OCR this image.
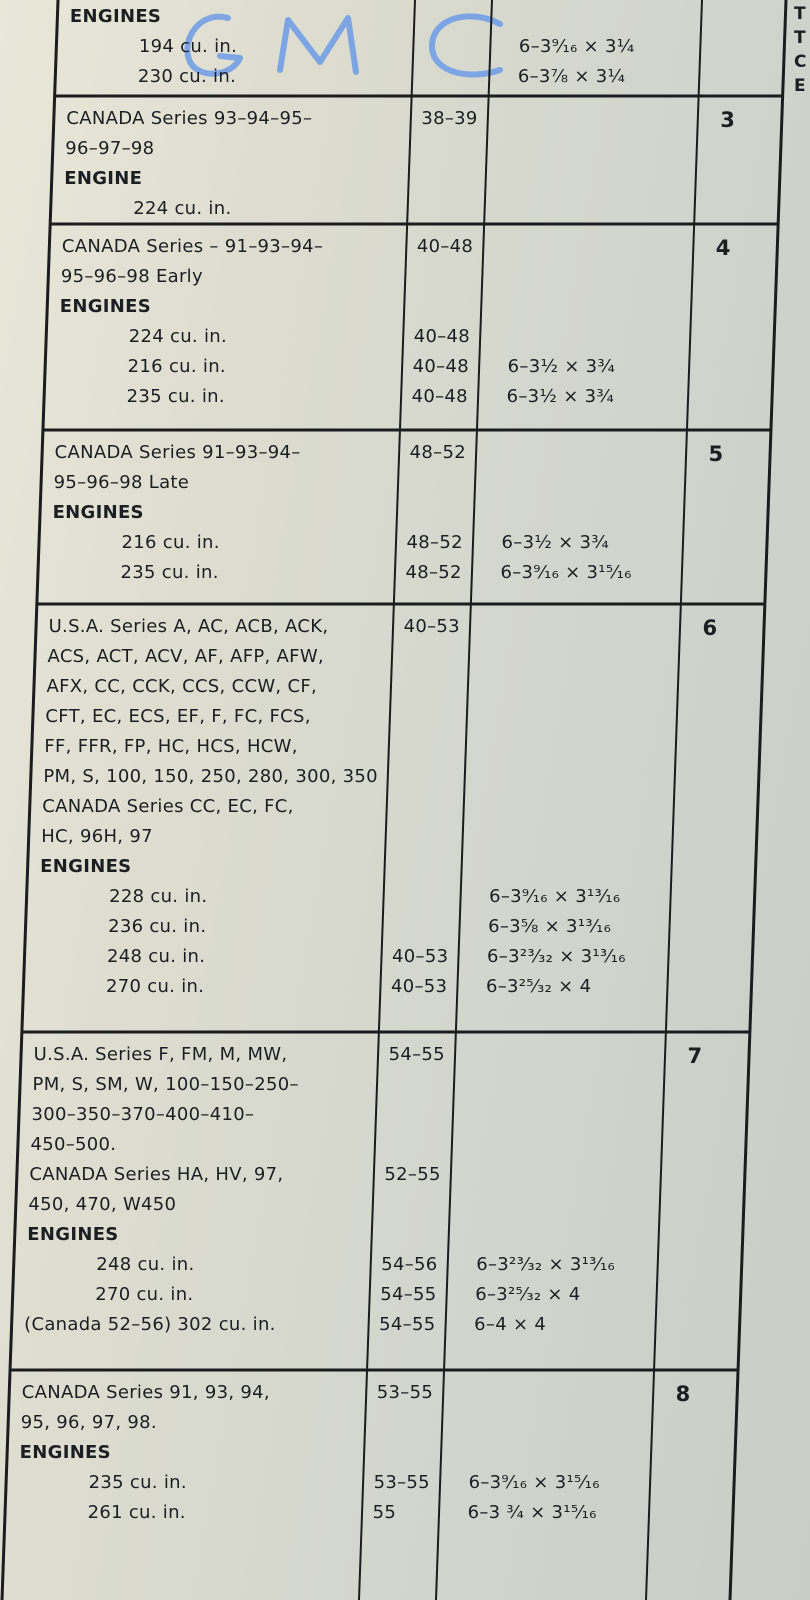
ENGINES
194 cu. in.
230 cu. in.
6–3⁹⁄₁₆ × 3¼
6–3⅞ × 3¼
CANADA Series 93–94–95–
96–97–98
ENGINE
224 cu. in.
38–39	3
CANADA Series – 91–93–94–
95–96–98 Early
ENGINES
224 cu. in.
216 cu. in.
235 cu. in.
40–48
40–48
40–48
40–48
6–3½ × 3¾
6–3½ × 3¾
4
CANADA Series 91–93–94–
95–96–98 Late
ENGINES
216 cu. in.
235 cu. in.
48–52
48–52
48–52
6–3½ × 3¾
6–3⁹⁄₁₆ × 3¹⁵⁄₁₆
5
U.S.A. Series A, AC, ACB, ACK,
ACS, ACT, ACV, AF, AFP, AFW,
AFX, CC, CCK, CCS, CCW, CF,
CFT, EC, ECS, EF, F, FC, FCS,
FF, FFR, FP, HC, HCS, HCW,
PM, S, 100, 150, 250, 280, 300, 350
CANADA Series CC, EC, FC,
HC, 96H, 97
ENGINES
228 cu. in.
236 cu. in.
248 cu. in.
270 cu. in.
40–53
40–53
40–53
6–3⁹⁄₁₆ × 3¹³⁄₁₆
6–3⅝ × 3¹³⁄₁₆
6–3²³⁄₃₂ × 3¹³⁄₁₆
6–3²⁵⁄₃₂ × 4
6
U.S.A. Series F, FM, M, MW,
PM, S, SM, W, 100–150–250–
300–350–370–400–410–
450–500.
CANADA Series HA, HV, 97,
450, 470, W450
ENGINES
248 cu. in.
270 cu. in.
(Canada 52–56) 302 cu. in.
54–55
52–55
54–56
54–55
54–55
6–3²³⁄₃₂ × 3¹³⁄₁₆
6–3²⁵⁄₃₂ × 4
6–4 × 4
7
CANADA Series 91, 93, 94,
95, 96, 97, 98.
ENGINES
235 cu. in.
261 cu. in.
53–55
53–55
55
6–3⁹⁄₁₆ × 3¹⁵⁄₁₆
6–3 ¾ × 3¹⁵⁄₁₆
8
T
T
C
E
